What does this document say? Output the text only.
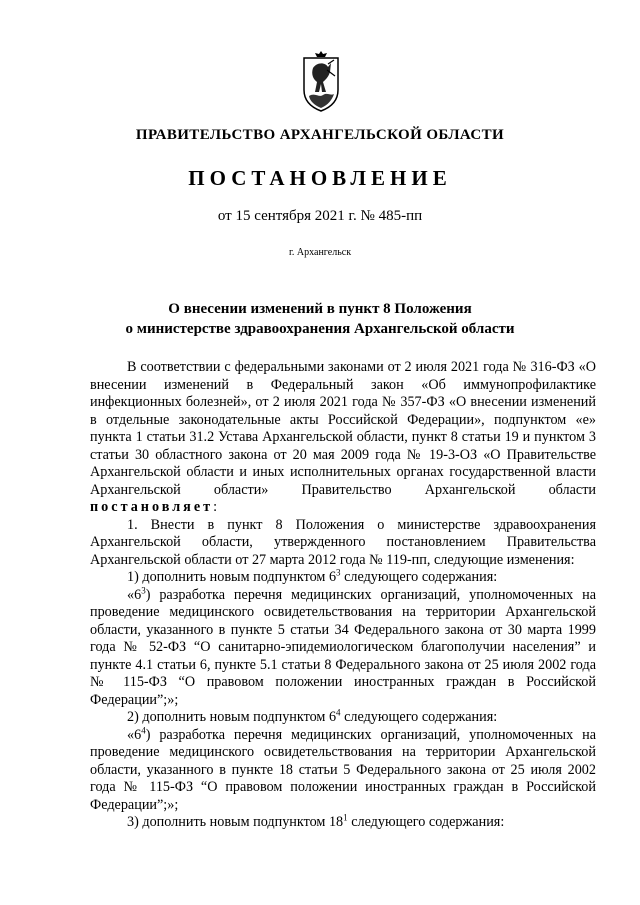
ПРАВИТЕЛЬСТВО АРХАНГЕЛЬСКОЙ ОБЛАСТИ
ПОСТАНОВЛЕНИЕ
от 15 сентября 2021 г. № 485-пп
г. Архангельск
О внесении изменений в пункт 8 Положения
о министерстве здравоохранения Архангельской области

В соответствии с федеральными законами от 2 июля 2021 года № 316-ФЗ «О внесении изменений в Федеральный закон «Об иммунопрофилактике инфекционных болезней», от 2 июля 2021 года № 357-ФЗ «О внесении изменений в отдельные законодательные акты Российской Федерации», подпунктом «е» пункта 1 статьи 31.2 Устава Архангельской области, пункт 8 статьи 19 и пунктом 3 статьи 30 областного закона от 20 мая 2009 года № 19-3-ОЗ «О Правительстве Архангельской области и иных исполнительных органах государственной власти Архангельской области» Правительство Архангельской области постановляет:

1. Внести в пункт 8 Положения о министерстве здравоохранения Архангельской области, утвержденного постановлением Правительства Архангельской области от 27 марта 2012 года № 119-пп, следующие изменения:

1) дополнить новым подпунктом $6^3$ следующего содержания:

«$6^3$) разработка перечня медицинских организаций, уполномоченных на проведение медицинского освидетельствования на территории Архангельской области, указанного в пункте 5 статьи 34 Федерального закона от 30 марта 1999 года № 52-ФЗ “О санитарно-эпидемиологическом благополучии населения” и пункте 4.1 статьи 6, пункте 5.1 статьи 8 Федерального закона от 25 июля 2002 года № 115-ФЗ “О правовом положении иностранных граждан в Российской Федерации”;»;

2) дополнить новым подпунктом $6^4$ следующего содержания:

«$6^4$) разработка перечня медицинских организаций, уполномоченных на проведение медицинского освидетельствования на территории Архангельской области, указанного в пункте 18 статьи 5 Федерального закона от 25 июля 2002 года № 115-ФЗ “О правовом положении иностранных граждан в Российской Федерации”;»;

3) дополнить новым подпунктом $18^1$ следующего содержания:
